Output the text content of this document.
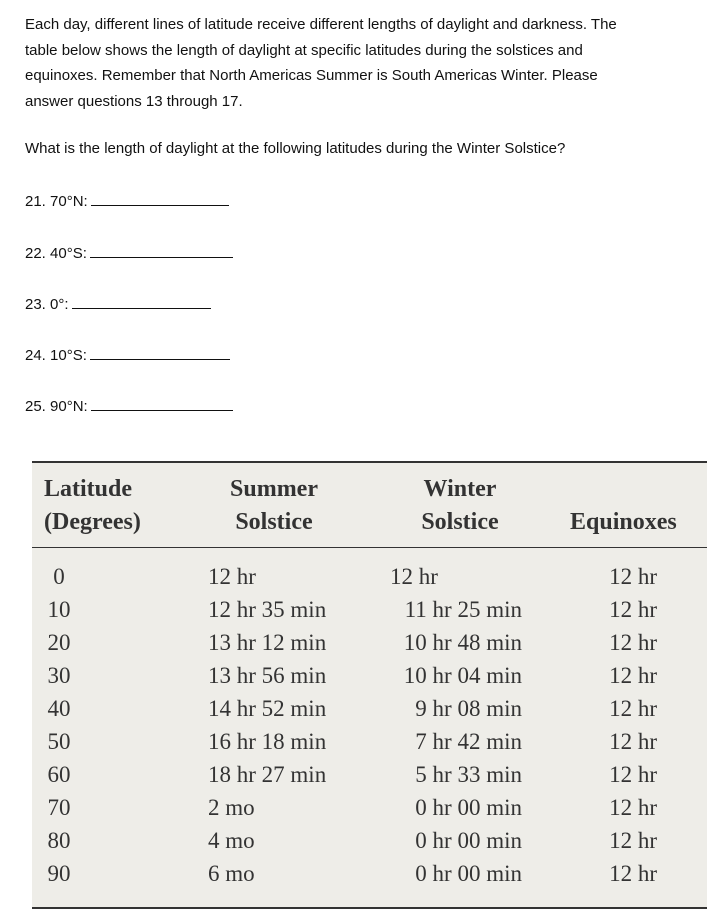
Each day, different lines of latitude receive different lengths of daylight and darkness. The
table below shows the length of daylight at specific latitudes during the solstices and
equinoxes. Remember that North Americas Summer is South Americas Winter. Please
answer questions 13 through 17.

What is the length of daylight at the following latitudes during the Winter Solstice?

21. 70°N:
22. 40°S:
23. 0°:
24. 10°S:
25. 90°N:
Latitude
(Degrees)
Summer
Solstice
Winter
Solstice	Equinoxes
0
10
20
30
40
50
60
70
80
90
12 hr
12 hr 35 min
13 hr 12 min
13 hr 56 min
14 hr 52 min
16 hr 18 min
18 hr 27 min
2 mo
4 mo
6 mo
12 hr
11 hr 25 min
10 hr 48 min
10 hr 04 min
9 hr 08 min
7 hr 42 min
5 hr 33 min
0 hr 00 min
0 hr 00 min
0 hr 00 min
12 hr
12 hr
12 hr
12 hr
12 hr
12 hr
12 hr
12 hr
12 hr
12 hr
